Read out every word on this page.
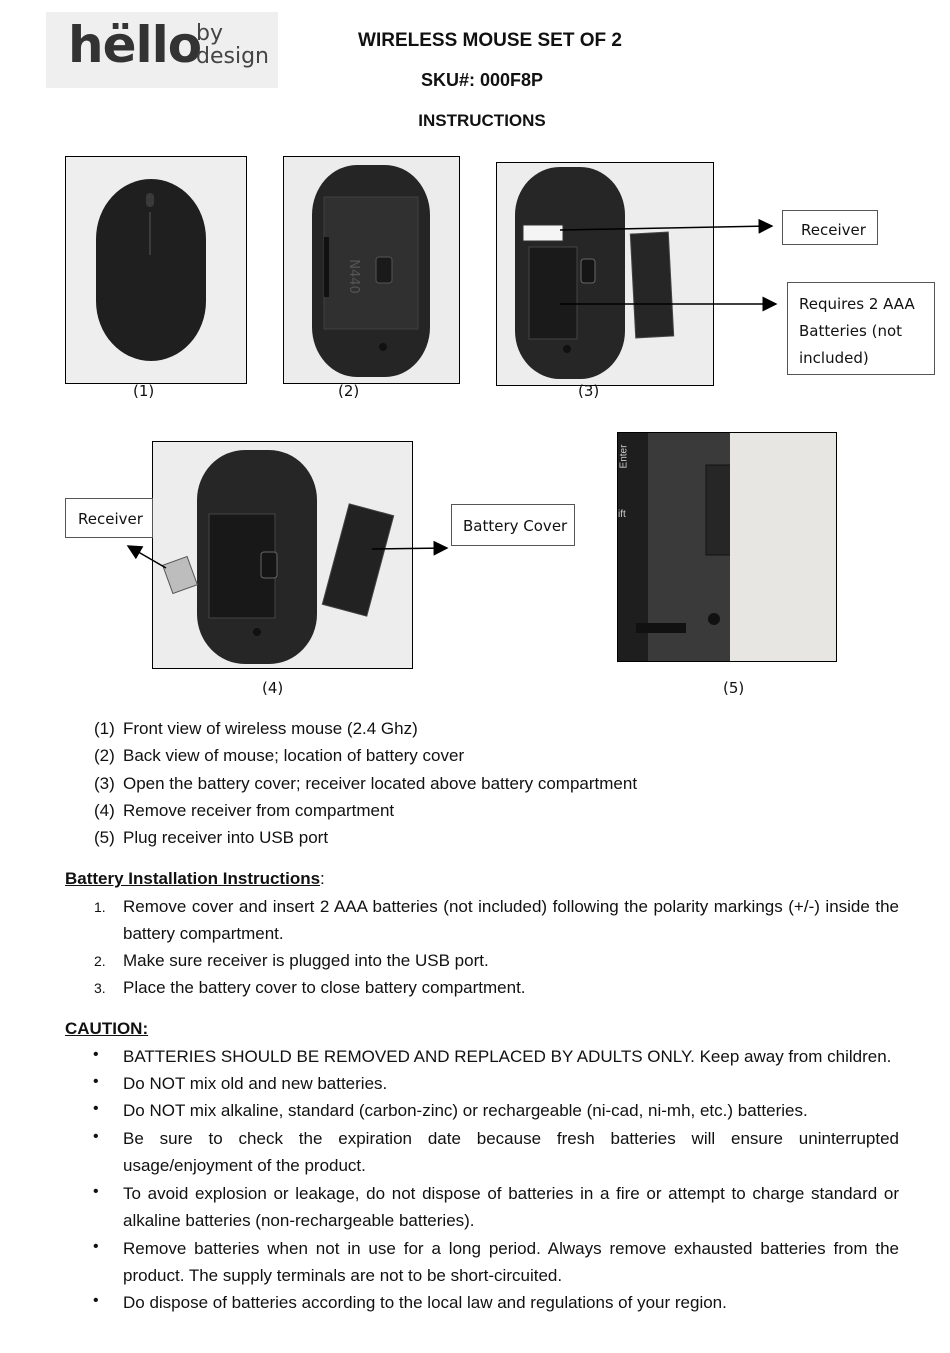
hëllo
by
design
WIRELESS MOUSE SET OF 2
SKU#: 000F8P
INSTRUCTIONS
(1)
N440
(2)	(3)
Receiver
Requires 2 AAA Batteries (not included)
(4)
Receiver	Battery Cover
Enter
ift
(5)
(1) Front view of wireless mouse (2.4 Ghz)
(2) Back view of mouse; location of battery cover
(3) Open the battery cover; receiver located above battery compartment
(4) Remove receiver from compartment
(5) Plug receiver into USB port
Battery Installation Instructions:
1. Remove cover and insert 2 AAA batteries (not included) following the polarity markings (+/-) inside the battery compartment.
2. Make sure receiver is plugged into the USB port.
3. Place the battery cover to close battery compartment.
CAUTION:
• BATTERIES SHOULD BE REMOVED AND REPLACED BY ADULTS ONLY. Keep away from children.
• Do NOT mix old and new batteries.
• Do NOT mix alkaline, standard (carbon-zinc) or rechargeable (ni-cad, ni-mh, etc.) batteries.
• Be sure to check the expiration date because fresh batteries will ensure uninterrupted usage/enjoyment of the product.
• To avoid explosion or leakage, do not dispose of batteries in a fire or attempt to charge standard or alkaline batteries (non-rechargeable batteries).
• Remove batteries when not in use for a long period. Always remove exhausted batteries from the product. The supply terminals are not to be short-circuited.
• Do dispose of batteries according to the local law and regulations of your region.
